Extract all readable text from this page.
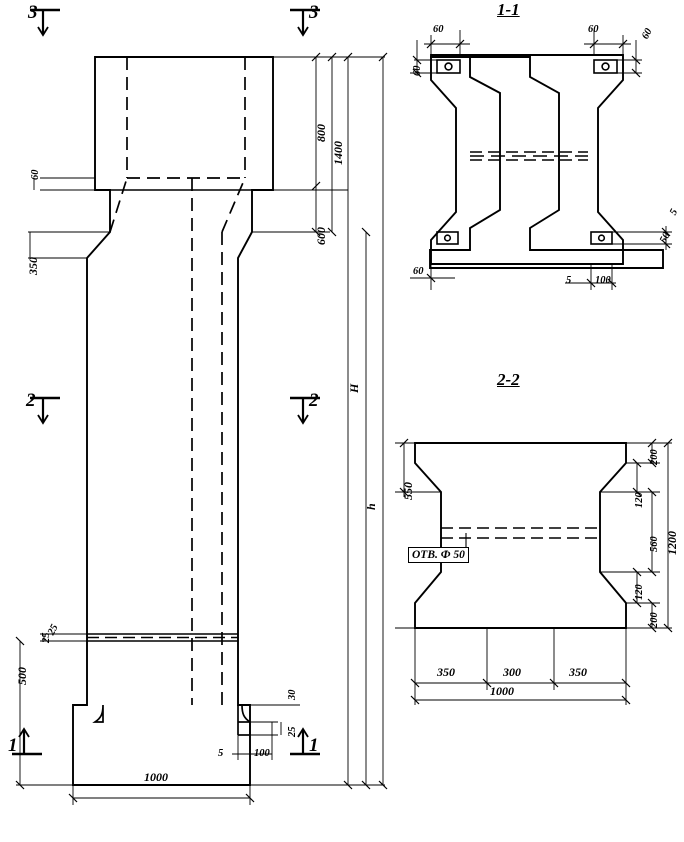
3	3
2	2
1	1
1-1
2-2
800
1400
600
H
h
60
350
500
25
25
1000
5	100
30
25
60	60
60
60
60
5 100
5
50
550
200
120
560
120
200
1200
350	300	350
1000
ОТВ. Ф 50
